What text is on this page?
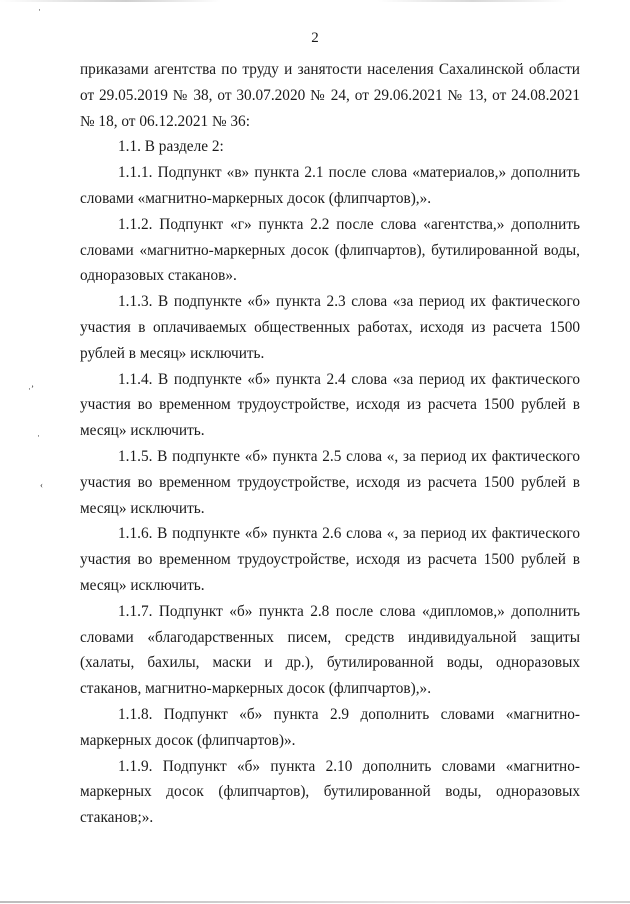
2

приказами агентства по труду и занятости населения Сахалинской области от 29.05.2019 № 38, от 30.07.2020 № 24, от 29.06.2021 № 13, от 24.08.2021 № 18, от 06.12.2021 № 36:

1.1. В разделе 2:

1.1.1. Подпункт «в» пункта 2.1 после слова «материалов,» дополнить словами «магнитно-маркерных досок (флипчартов),».

1.1.2. Подпункт «г» пункта 2.2 после слова «агентства,» дополнить словами «магнитно-маркерных досок (флипчартов), бутилированной воды, одноразовых стаканов».

1.1.3. В подпункте «б» пункта 2.3 слова «за период их фактического участия в оплачиваемых общественных работах, исходя из расчета 1500 рублей в месяц» исключить.

1.1.4. В подпункте «б» пункта 2.4 слова «за период их фактического участия во временном трудоустройстве, исходя из расчета 1500 рублей в месяц» исключить.

1.1.5. В подпункте «б» пункта 2.5 слова «, за период их фактического участия во временном трудоустройстве, исходя из расчета 1500 рублей в месяц» исключить.

1.1.6. В подпункте «б» пункта 2.6 слова «, за период их фактического участия во временном трудоустройстве, исходя из расчета 1500 рублей в месяц» исключить.

1.1.7. Подпункт «б» пункта 2.8 после слова «дипломов,» дополнить словами «благодарственных писем, средств индивидуальной защиты (халаты, бахилы, маски и др.), бутилированной воды, одноразовых стаканов, магнитно-маркерных досок (флипчартов),».

1.1.8. Подпункт «б» пункта 2.9 дополнить словами «магнитно-маркерных досок (флипчартов)».

1.1.9. Подпункт «б» пункта 2.10 дополнить словами «магнитно-маркерных досок (флипчартов), бутилированной воды, одноразовых стаканов;».

·ʼ
·
‹
·
